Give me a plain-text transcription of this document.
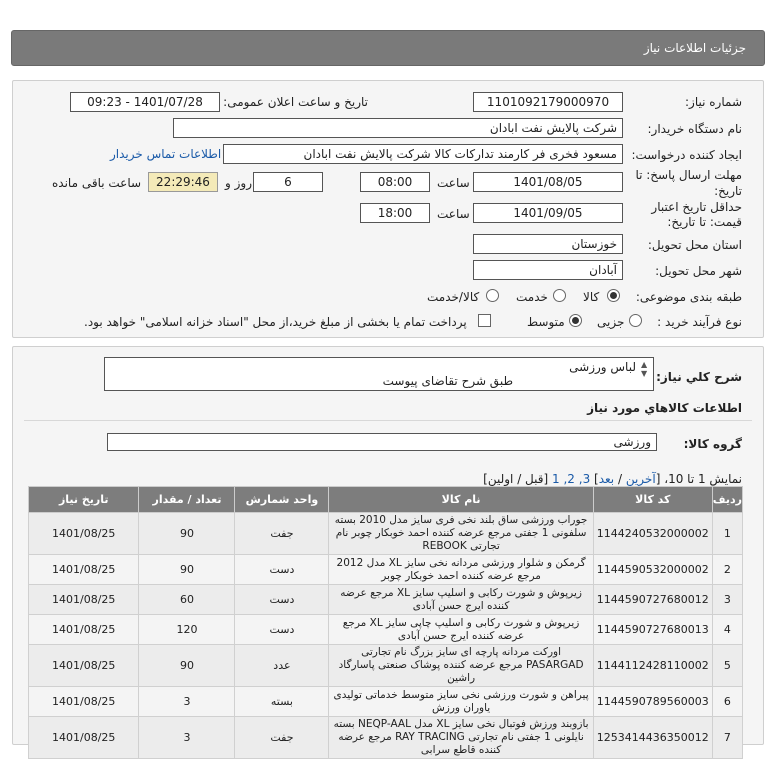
جزئیات اطلاعات نیاز
شماره نیاز:
1101092179000970
تاریخ و ساعت اعلان عمومی:
1401/07/28 - 09:23
نام دستگاه خریدار:
شرکت پالایش نفت ابادان
ایجاد کننده درخواست:
مسعود فخری فر کارمند تدارکات کالا شرکت پالایش نفت ابادان
اطلاعات تماس خریدار
مهلت ارسال پاسخ: تا
تاریخ:
1401/08/05
ساعت
08:00
6
روز و
22:29:46
ساعت باقی مانده
حداقل تاریخ اعتبار
قیمت: تا تاریخ:
1401/09/05
ساعت
18:00
استان محل تحویل:
خوزستان
شهر محل تحویل:
آبادان
طبقه بندی موضوعی:
کالا
خدمت
کالا/خدمت
نوع فرآیند خرید :
جزیی
متوسط
پرداخت تمام یا بخشی از مبلغ خرید،از محل "اسناد خزانه اسلامی" خواهد بود.
شرح کلي نياز:
لباس ورزشی
طبق شرح تقاضای پیوست
▲
▼
اطلاعات کالاهاي مورد نياز
گروه کالا:
ورزشی
نمایش 1 تا 10، [آخرین / بعد] 3, 2, 1 [قبل / اولین]
ردیف	کد کالا	نام کالا	واحد شمارش	تعداد / مقدار	تاریخ نیاز
1	1144240532000002	جوراب ورزشی ساق بلند نخی فری سایز مدل 2010 بسته سلفونی 1 جفتی مرجع عرضه کننده احمد خوبکار چوبر نام تجارتی REBOOK	جفت	90	1401/08/25
2	1144590532000002	گرمکن و شلوار ورزشی مردانه نخی سایز XL مدل 2012 مرجع عرضه کننده احمد خوبکار چوبر	دست	90	1401/08/25
3	1144590727680012	زیرپوش و شورت رکابی و اسلیپ سایز XL مرجع عرضه کننده ایرج حسن آبادی	دست	60	1401/08/25
4	1144590727680013	زیرپوش و شورت رکابی و اسلیپ چاپی سایز XL مرجع عرضه کننده ایرج حسن آبادی	دست	120	1401/08/25
5	1144112428110002	اورکت مردانه پارچه ای سایز بزرگ نام تجارتی PASARGAD مرجع عرضه کننده پوشاک صنعتی پاسارگاد راشین	عدد	90	1401/08/25
6	1144590789560003	پیراهن و شورت ورزشی نخی سایز متوسط خدماتی تولیدی یاوران ورزش	بسته	3	1401/08/25
7	1253414436350012	بازوبند ورزش فوتبال نخی سایز XL مدل NEQP-AAL بسته نایلونی 1 جفتی نام تجارتی RAY TRACING مرجع عرضه کننده قاطع سرابی	جفت	3	1401/08/25
